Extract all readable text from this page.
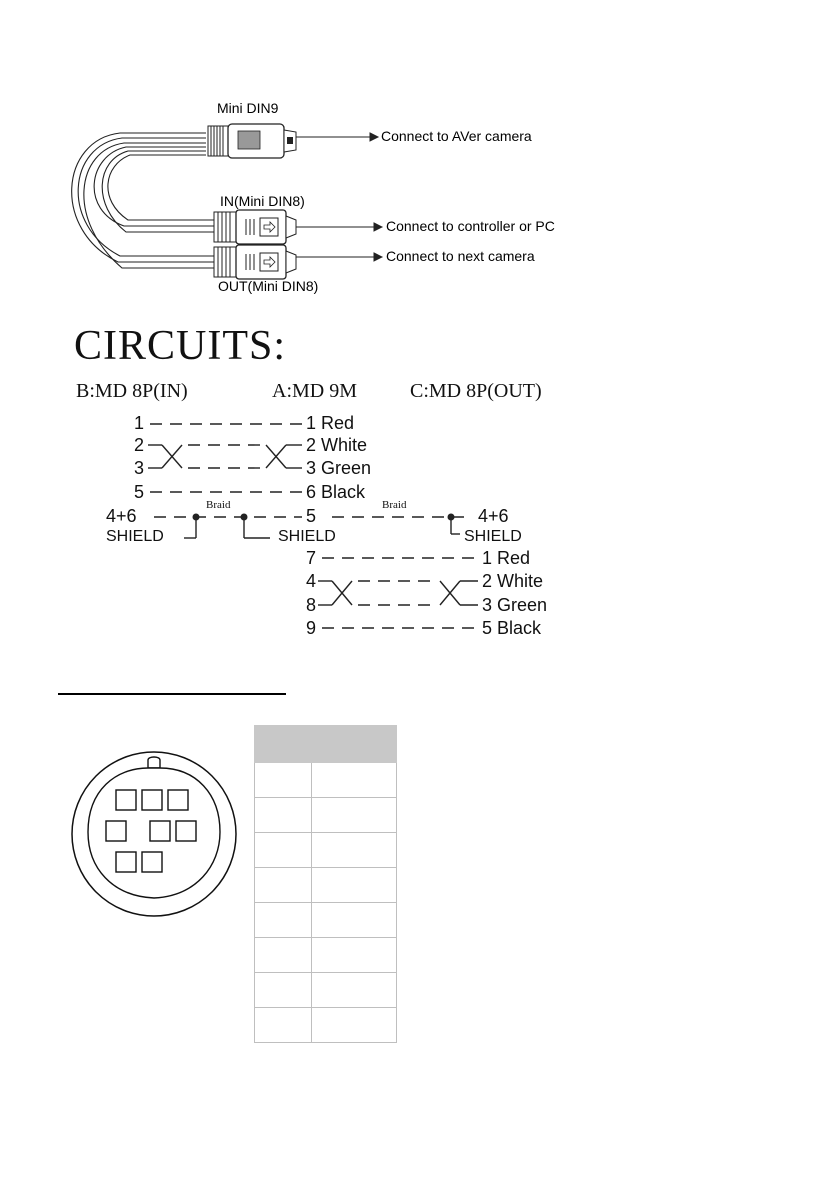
Mini DIN9
Connect to AVer camera
IN(Mini DIN8)
Connect to controller or PC
Connect to next camera
OUT(Mini DIN8)
CIRCUITS:
B:MD 8P(IN)	A:MD 9M	C:MD 8P(OUT)
1
2
3
5
4+6
1 Red
2 White
3 Green
6 Black
5
Braid	Braid
SHIELD	SHIELD	SHIELD
4+6
7
4
8
9
1 Red
2 White
3 Green
5 Black
